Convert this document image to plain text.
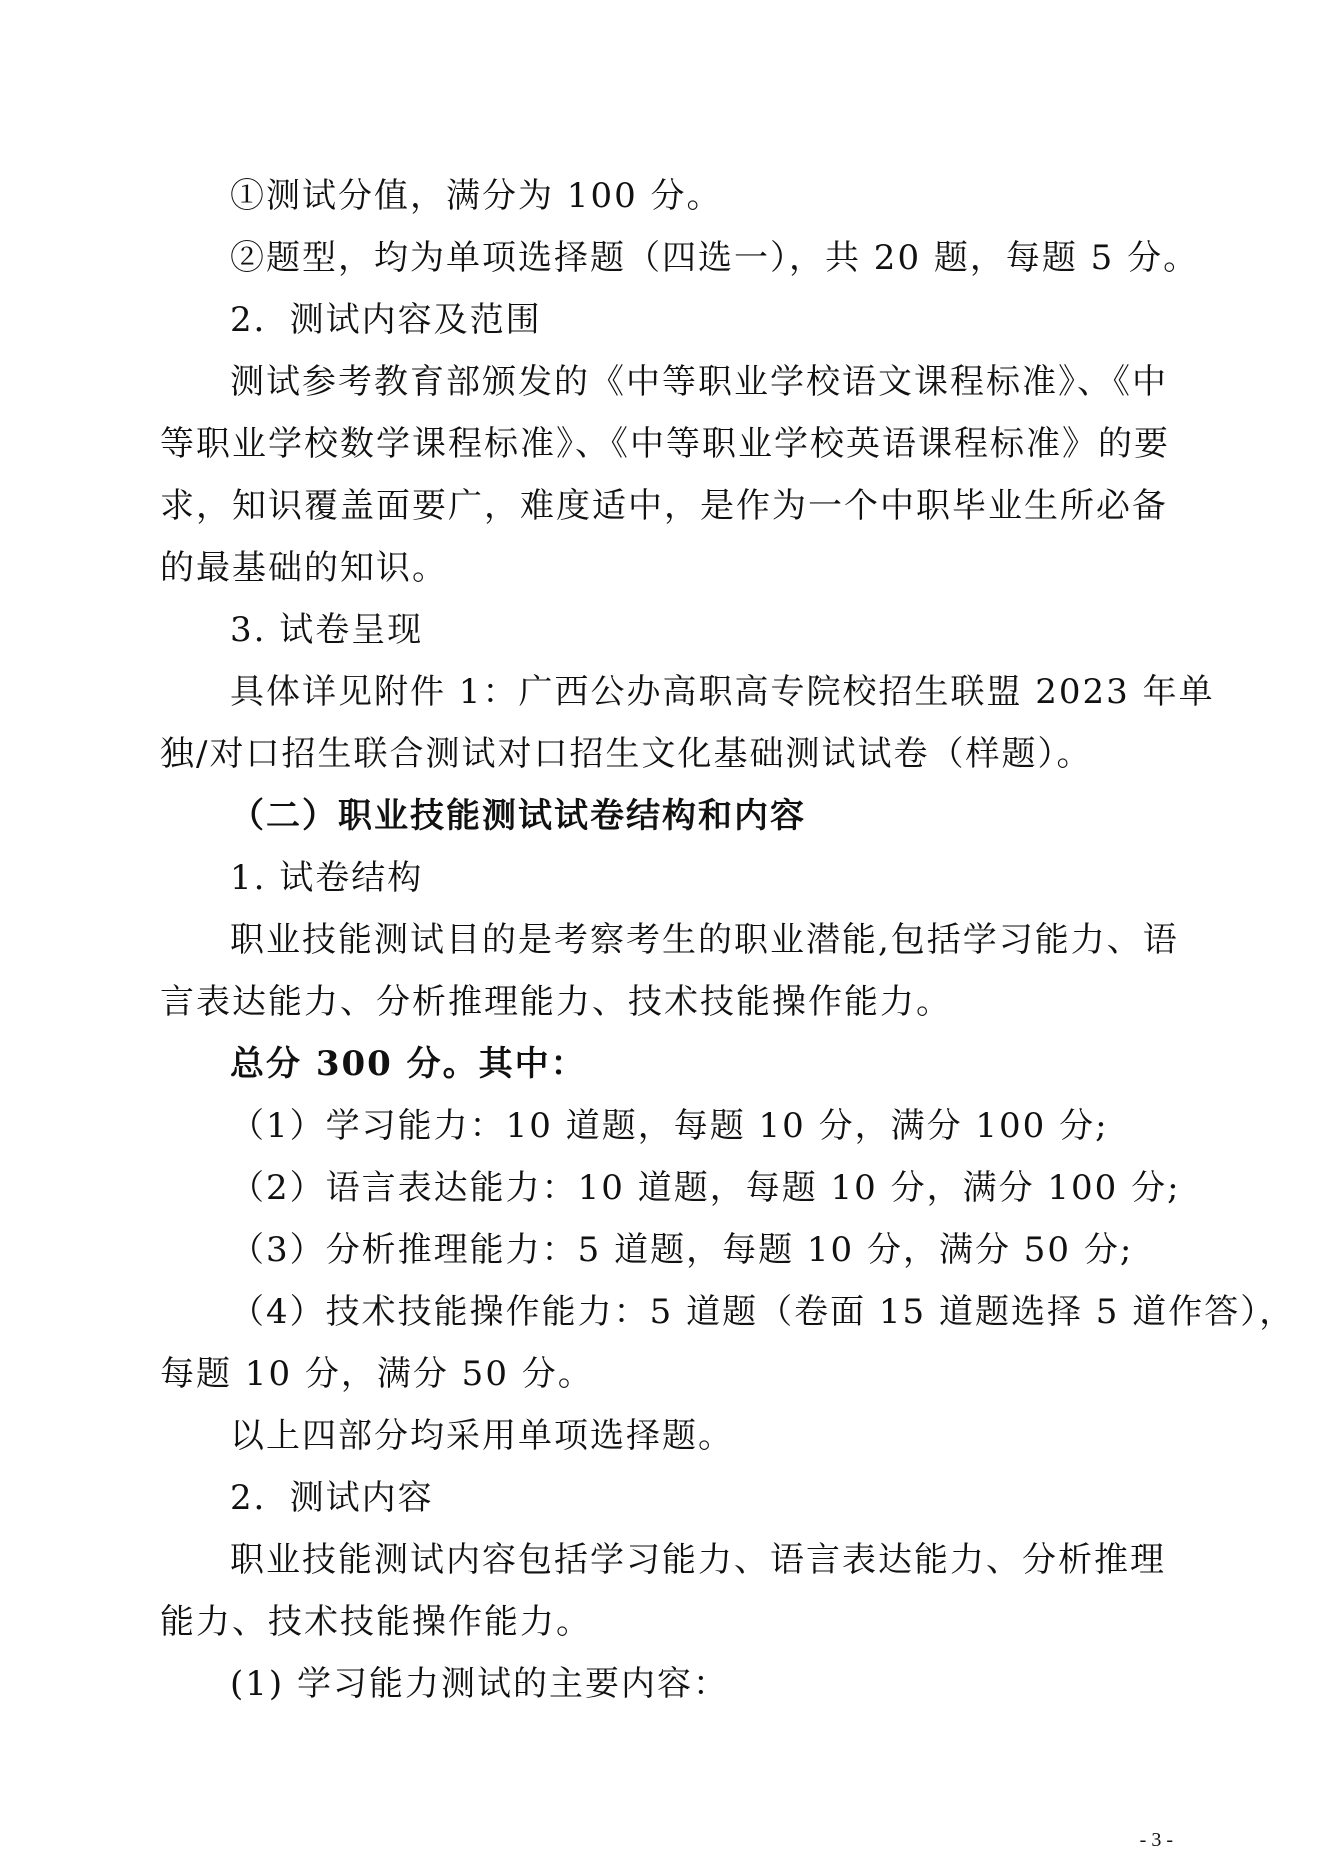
①测试分值，满分为 100 分。
②题型，均为单项选择题（四选一），共 20 题，每题 5 分。
2．测试内容及范围
测试参考教育部颁发的《中等职业学校语文课程标准》、《中
等职业学校数学课程标准》、《中等职业学校英语课程标准》的要
求，知识覆盖面要广，难度适中，是作为一个中职毕业生所必备
的最基础的知识。
3. 试卷呈现
具体详见附件 1：广西公办高职高专院校招生联盟 2023 年单
独/对口招生联合测试对口招生文化基础测试试卷（样题）。
（二）职业技能测试试卷结构和内容
1. 试卷结构
职业技能测试目的是考察考生的职业潜能,包括学习能力、语
言表达能力、分析推理能力、技术技能操作能力。
总分 300 分。其中：
（1）学习能力：10 道题，每题 10 分，满分 100 分;
（2）语言表达能力：10 道题，每题 10 分，满分 100 分;
（3）分析推理能力：5 道题，每题 10 分，满分 50 分;
（4）技术技能操作能力：5 道题（卷面 15 道题选择 5 道作答），
每题 10 分，满分 50 分。
以上四部分均采用单项选择题。
2．测试内容
职业技能测试内容包括学习能力、语言表达能力、分析推理
能力、技术技能操作能力。
(1) 学习能力测试的主要内容：
- 3 -
